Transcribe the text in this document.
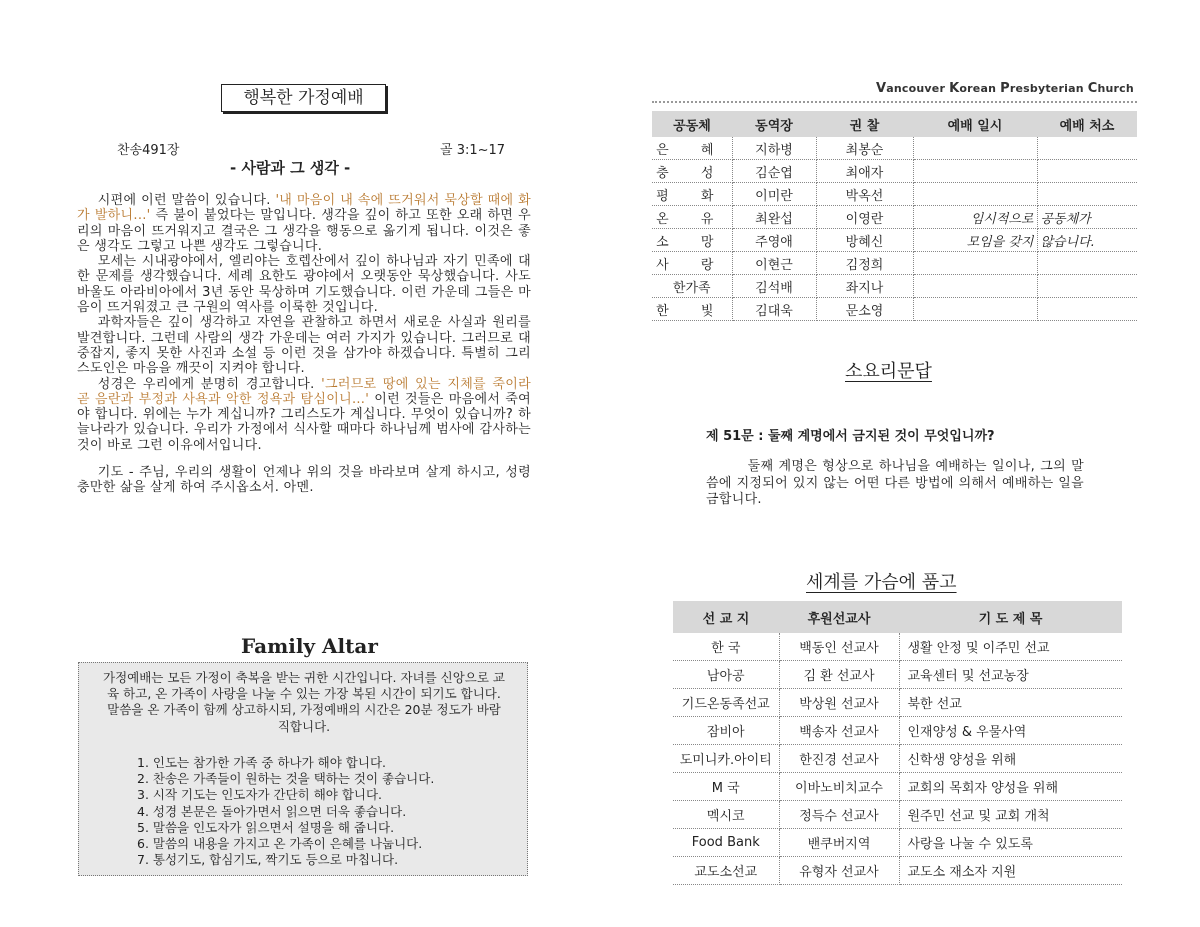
행복한 가정예배
찬송491장	골 3:1~17
- 사람과 그 생각 -

시편에 이런 말씀이 있습니다. '내 마음이 내 속에 뜨거워서 묵상할 때에 화가 발하니...' 즉 불이 붙었다는 말입니다. 생각을 깊이 하고 또한 오래 하면 우리의 마음이 뜨거워지고 결국은 그 생각을 행동으로 옮기게 됩니다. 이것은 좋은 생각도 그렇고 나쁜 생각도 그렇습니다.

모세는 시내광야에서, 엘리야는 호렙산에서 깊이 하나님과 자기 민족에 대한 문제를 생각했습니다. 세례 요한도 광야에서 오랫동안 묵상했습니다. 사도 바울도 아라비아에서 3년 동안 묵상하며 기도했습니다. 이런 가운데 그들은 마음이 뜨거워졌고 큰 구원의 역사를 이룩한 것입니다.

과학자들은 깊이 생각하고 자연을 관찰하고 하면서 새로운 사실과 원리를 발견합니다. 그런데 사람의 생각 가운데는 여러 가지가 있습니다. 그러므로 대중잡지, 좋지 못한 사진과 소설 등 이런 것을 삼가야 하겠습니다. 특별히 그리스도인은 마음을 깨끗이 지켜야 합니다.

성경은 우리에게 분명히 경고합니다. '그러므로 땅에 있는 지체를 죽이라 곧 음란과 부정과 사욕과 악한 정욕과 탐심이니...' 이런 것들은 마음에서 죽여야 합니다. 위에는 누가 계십니까? 그리스도가 계십니다. 무엇이 있습니까? 하늘나라가 있습니다. 우리가 가정에서 식사할 때마다 하나님께 범사에 감사하는 것이 바로 그런 이유에서입니다.

기도 - 주님, 우리의 생활이 언제나 위의 것을 바라보며 살게 하시고, 성령 충만한 삶을 살게 하여 주시옵소서. 아멘.

Family Altar
가정예배는 모든 가정이 축복을 받는 귀한 시간입니다. 자녀를 신앙으로 교육 하고, 온 가족이 사랑을 나눌 수 있는 가장 복된 시간이 되기도 합니다. 말씀을 온 가족이 함께 상고하시되, 가정예배의 시간은 20분 정도가 바람직합니다.
1. 인도는 참가한 가족 중 하나가 해야 합니다.
2. 찬송은 가족들이 원하는 것을 택하는 것이 좋습니다.
3. 시작 기도는 인도자가 간단히 해야 합니다.
4. 성경 본문은 돌아가면서 읽으면 더욱 좋습니다.
5. 말씀을 인도자가 읽으면서 설명을 해 줍니다.
6. 말씀의 내용을 가지고 온 가족이 은혜를 나눕니다.
7. 통성기도, 합심기도, 짝기도 등으로 마칩니다.
Vancouver Korean Presbyterian Church
공동체	동역장	권 찰	예배 일시	예배 처소
은 혜	지하병	최봉순		
충 성	김순엽	최애자		
평 화	이미란	박옥선		
온 유	최완섭	이영란	임시적으로	공동체가
소 망	주영애	방혜신	모임을 갖지	않습니다.
사 랑	이현근	김정희		
한가족	김석배	좌지나		
한 빛	김대욱	문소영		
소요리문답
제 51문 : 둘째 계명에서 금지된 것이 무엇입니까?
둘째 계명은 형상으로 하나님을 예배하는 일이나, 그의 말씀에 지정되어 있지 않는 어떤 다른 방법에 의해서 예배하는 일을 금합니다.
세계를 가슴에 품고
선 교 지	후원선교사	기 도 제 목
한 국	백동인 선교사	생활 안정 및 이주민 선교
남아공	김 환 선교사	교육센터 및 선교농장
기드온동족선교	박상원 선교사	북한 선교
잠비아	백송자 선교사	인재양성 & 우물사역
도미니카.아이티	한진경 선교사	신학생 양성을 위해
M 국	이바노비치교수	교회의 목회자 양성을 위해
멕시코	정득수 선교사	원주민 선교 및 교회 개척
Food Bank	밴쿠버지역	사랑을 나눌 수 있도록
교도소선교	유형자 선교사	교도소 재소자 지원
